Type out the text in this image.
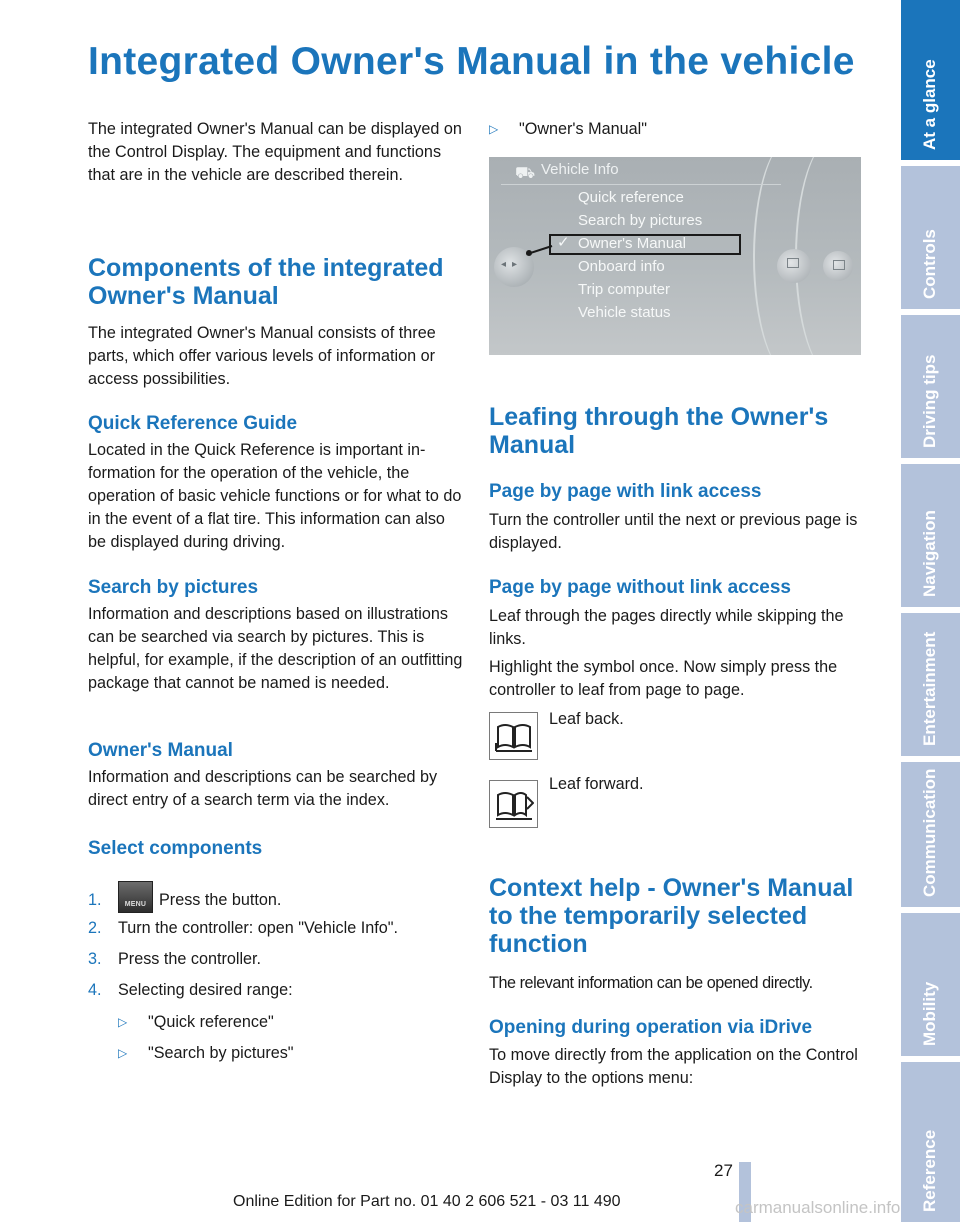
Integrated Owner's Manual in the vehicle
The integrated Owner's Manual can be displayed on the Control Display. The equipment and functions that are in the vehicle are described therein.
Components of the integrated Owner's Manual
The integrated Owner's Manual consists of three parts, which offer various levels of information or access possibilities.
Quick Reference Guide
Located in the Quick Reference is important information for the operation of the vehicle, the operation of basic vehicle functions or for what to do in the event of a flat tire. This information can also be displayed during driving.
Search by pictures
Information and descriptions based on illustrations can be searched via search by pictures. This is helpful, for example, if the description of an outfitting package that cannot be named is needed.
Owner's Manual
Information and descriptions can be searched by direct entry of a search term via the index.
Select components
1.	MENU Press the button.
2. Turn the controller: open "Vehicle Info".
3. Press the controller.
4. Selecting desired range:
▷ "Quick reference"
▷ "Search by pictures"
▷ "Owner's Manual"
⛟ Vehicle Info
Quick reference
Search by pictures
✓ Owner's Manual
Onboard info
Trip computer
Vehicle status
◂▸
Leafing through the Owner's Manual
Page by page with link access
Turn the controller until the next or previous page is displayed.
Page by page without link access
Leaf through the pages directly while skipping the links.
Highlight the symbol once. Now simply press the controller to leaf from page to page.
Leaf back.
Leaf forward.
Context help - Owner's Manual to the temporarily selected function
The relevant information can be opened directly.
Opening during operation via iDrive
To move directly from the application on the Control Display to the options menu:
At a glance
Controls
Driving tips
Navigation
Entertainment
Communication
Mobility
Reference
27
Online Edition for Part no. 01 40 2 606 521 - 03 11 490	carmanualsonline.info
